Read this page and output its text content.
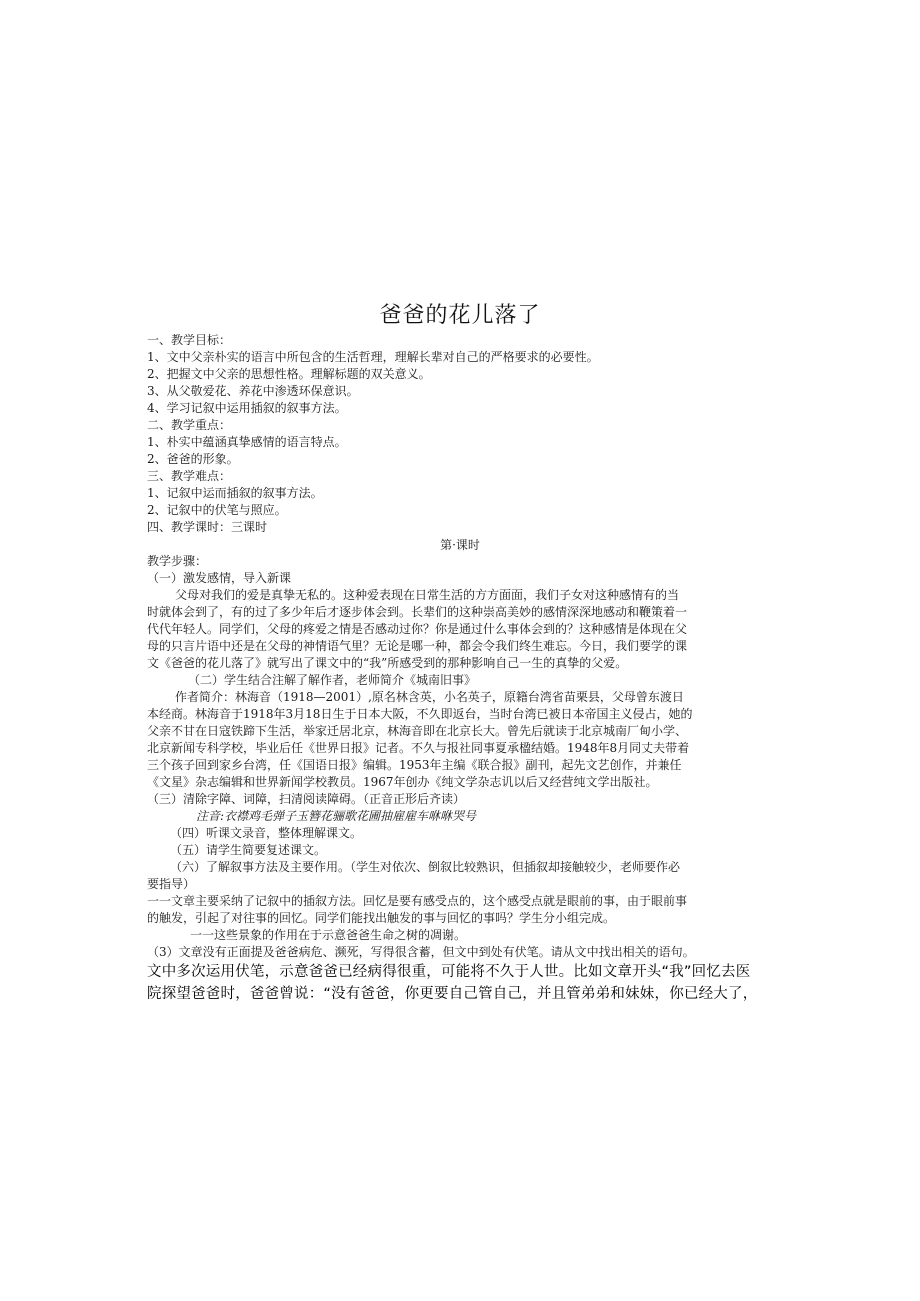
爸爸的花儿落了
一、教学目标：
1、文中父亲朴实的语言中所包含的生活哲理，理解长辈对自己的严格要求的必要性。
2、把握文中父亲的思想性格。理解标题的双关意义。
3、从父敬爱花、养花中渗透环保意识。
4、学习记叙中运用插叙的叙事方法。
二、教学重点：
1、朴实中蕴涵真挚感情的语言特点。
2、爸爸的形象。
三、教学难点：
1、记叙中运而插叙的叙事方法。
2、记叙中的伏笔与照应。
四、教学课时：三课时
第·课时
教学步骤：
（一）激发感情，导入新课
父母对我们的爱是真挚无私的。这种爱表现在日常生活的方方面面，我们子女对这种感情有的当
时就体会到了，有的过了多少年后才逐步体会到。长辈们的这种崇高美妙的感情深深地感动和鞭策着一
代代年轻人。同学们，父母的疼爱之情是否感动过你？你是通过什么事体会到的？这种感情是体现在父
母的只言片语中还是在父母的神情语气里？无论是哪一种，都会令我们终生难忘。今日，我们要学的课
文《爸爸的花儿落了》就写出了课文中的“我”所感受到的那种影响自己一生的真挚的父爱。
（二）学生结合注解了解作者，老师简介《城南旧事》
作者简介：林海音（1918—2001）,原名林含英，小名英子，原籍台湾省苗栗县，父母曾东渡日
本经商。林海音于1918年3月18日生于日本大阪，不久即返台，当时台湾已被日本帝国主义侵占，她的
父亲不甘在日寇铁蹄下生活，举家迁居北京，林海音即在北京长大。曾先后就读于北京城南厂甸小学、
北京新闻专科学校，毕业后任《世界日报》记者。不久与报社同事夏承楹结婚。1948年8月同丈夫带着
三个孩子回到家乡台湾，任《国语日报》编辑。1953年主编《联合报》副刊，起先文艺创作，并兼任
《文星》杂志编辑和世界新闻学校教员。1967年创办《纯文学杂志讥以后又经营纯文学出版社。
（三）清除字障、词障，扫清阅读障碍。（正音正形后齐读）
注音:衣襟鸡毛弹子玉簪花骊歌花圃抽雇雇车咻咻哭号
（四）听课文录音，整体理解课文。
（五）请学生简要复述课文。
（六）了解叙事方法及主要作用。（学生对依次、倒叙比较熟识，但插叙却接触较少，老师要作必
要指导）
一一文章主要采纳了记叙中的插叙方法。回忆是要有感受点的，这个感受点就是眼前的事，由于眼前事
的触发，引起了对往事的回忆。同学们能找出触发的事与回忆的事吗？学生分小组完成。
一一这些景象的作用在于示意爸爸生命之树的凋谢。
（3）文章没有正面提及爸爸病危、濒死，写得很含蓄，但文中到处有伏笔。请从文中找出相关的语句。
文中多次运用伏笔，示意爸爸已经病得很重，可能将不久于人世。比如文章开头“我”回忆去医
院探望爸爸时，爸爸曾说：“没有爸爸，你更要自己管自己，并且管弟弟和妹妹，你已经大了，
